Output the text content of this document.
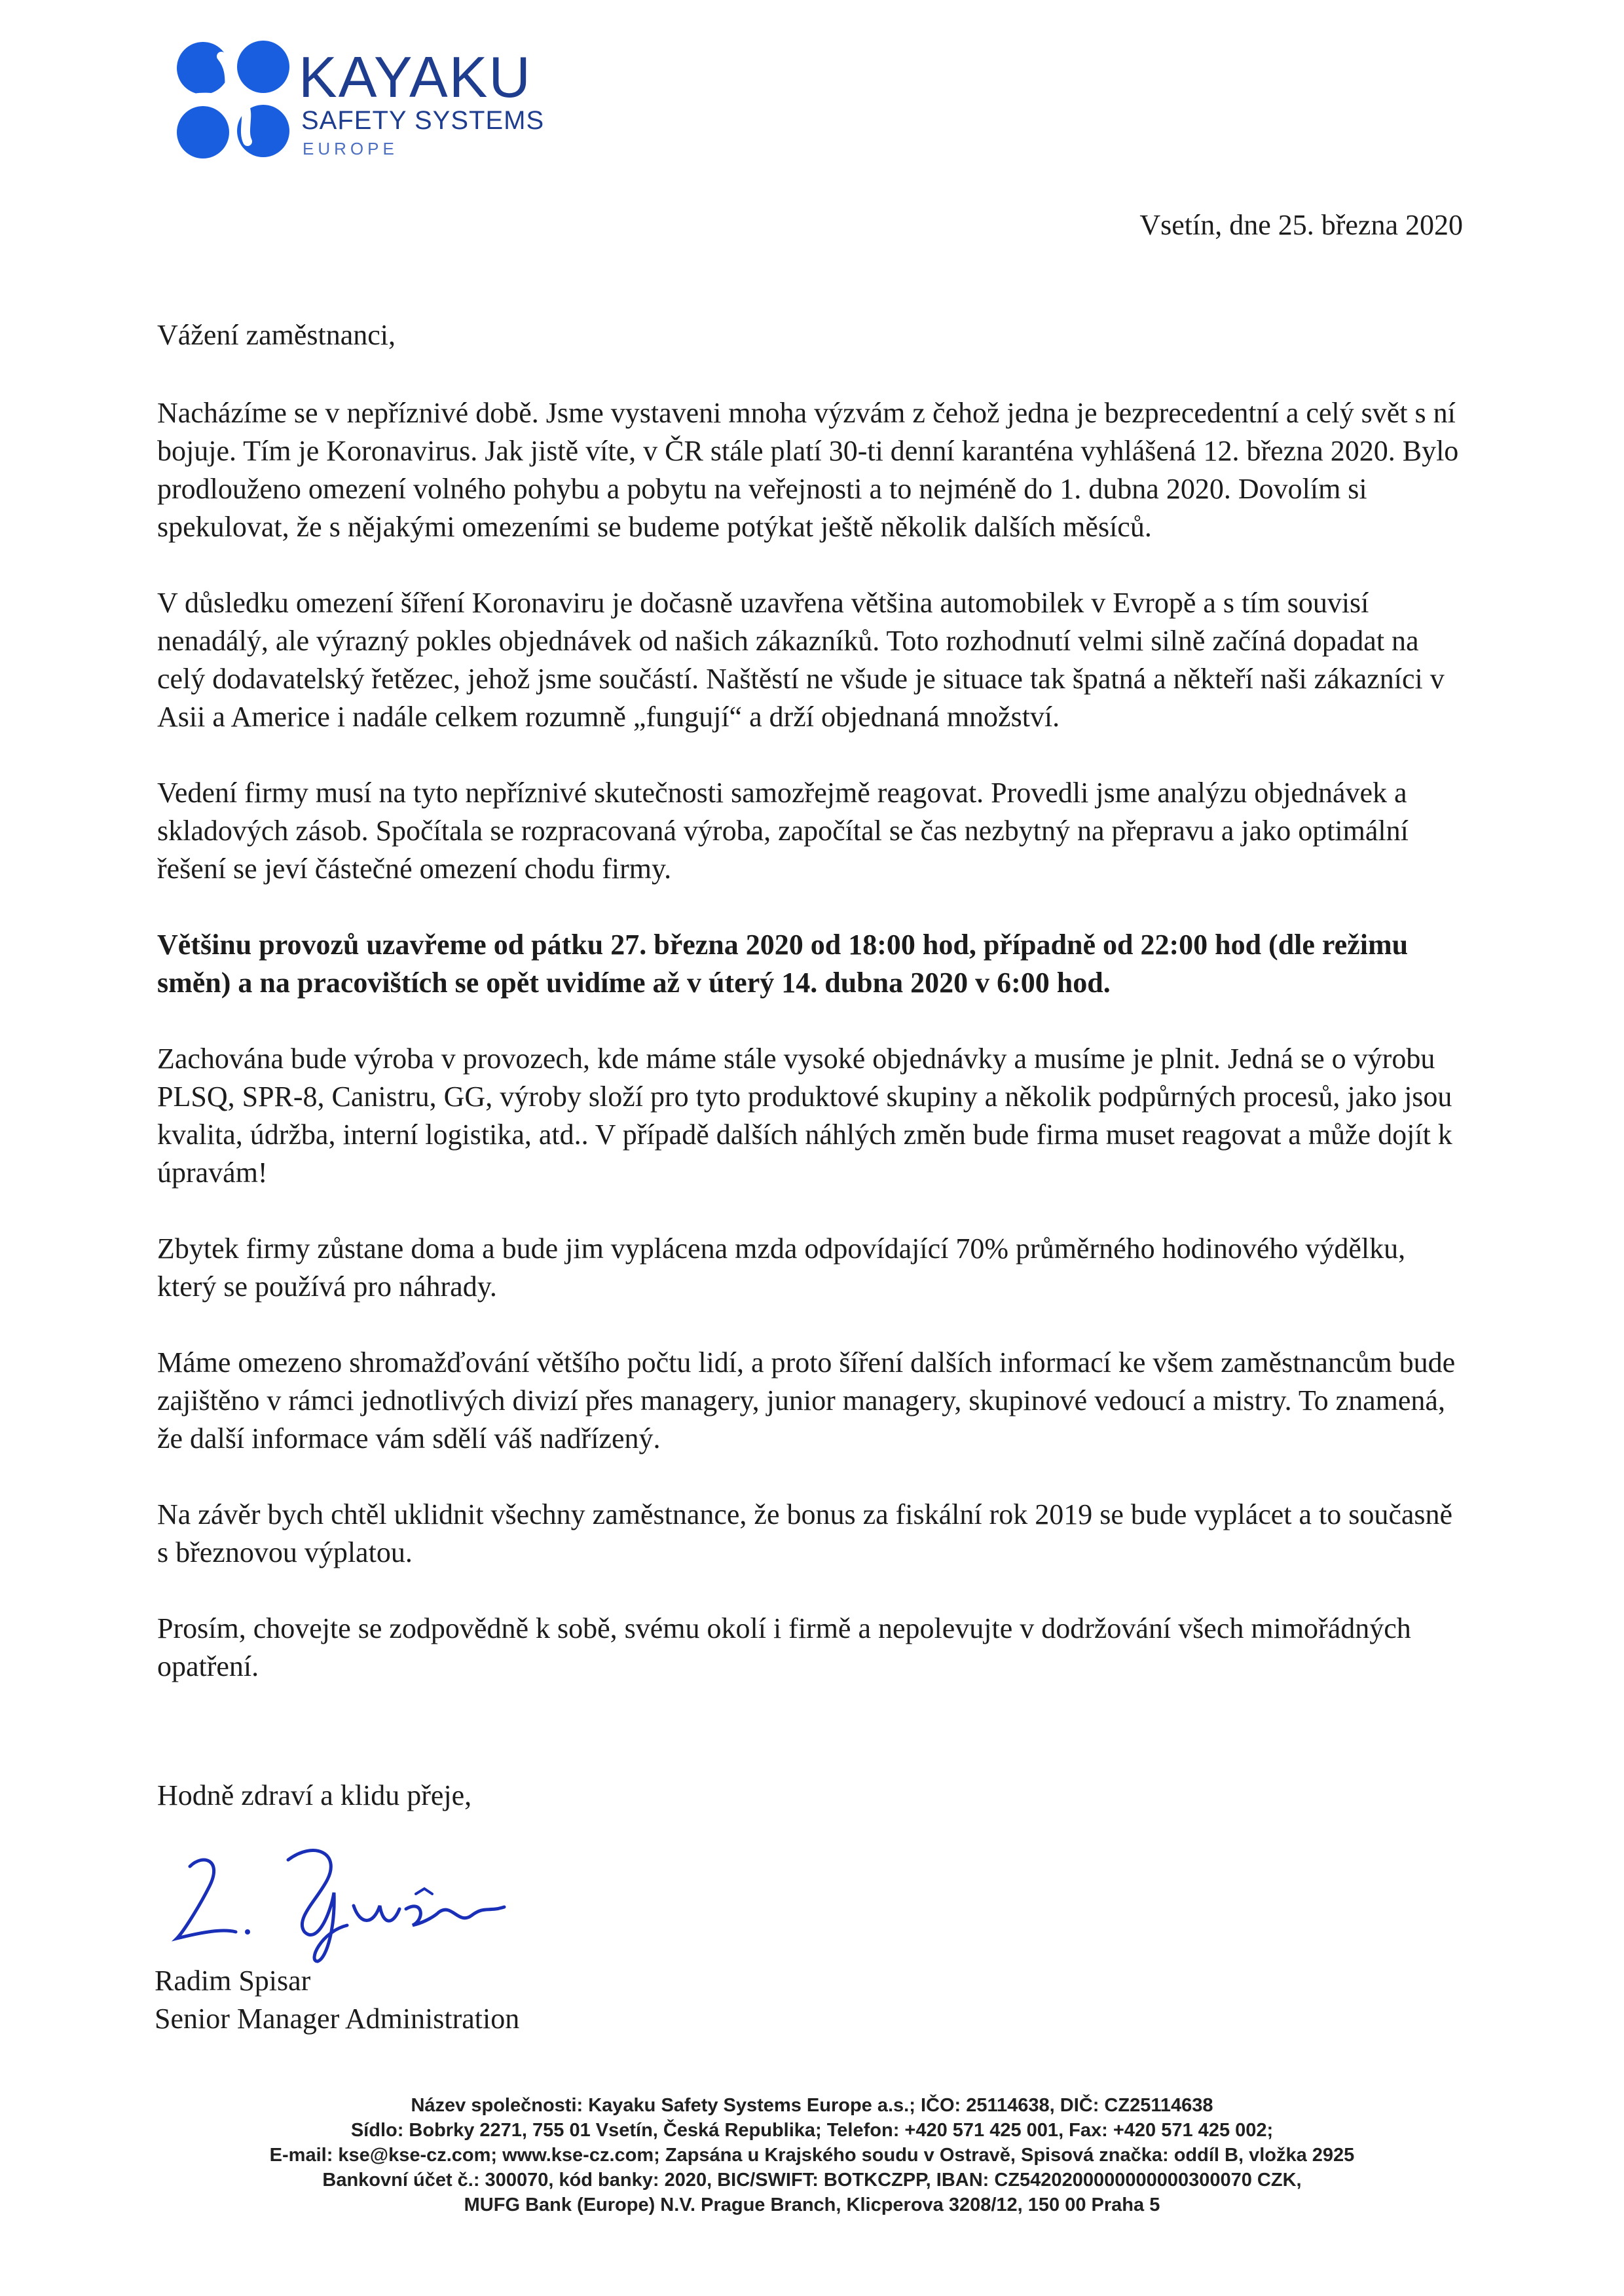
KAYAKU
SAFETY SYSTEMS
EUROPE
Vsetín, dne 25. března 2020
Vážení zaměstnanci,

Nacházíme se v nepříznivé době. Jsme vystaveni mnoha výzvám z čehož jedna je bezprecedentní a celý svět s ní bojuje. Tím je Koronavirus. Jak jistě víte, v ČR stále platí 30-ti denní karanténa vyhlášená 12. března 2020. Bylo prodlouženo omezení volného pohybu a pobytu na veřejnosti a to nejméně do 1. dubna 2020. Dovolím si spekulovat, že s nějakými omezeními se budeme potýkat ještě několik dalších měsíců.

V důsledku omezení šíření Koronaviru je dočasně uzavřena většina automobilek v Evropě a s tím souvisí nenadálý, ale výrazný pokles objednávek od našich zákazníků. Toto rozhodnutí velmi silně začíná dopadat na celý dodavatelský řetězec, jehož jsme součástí. Naštěstí ne všude je situace tak špatná a někteří naši zákazníci v Asii a Americe i nadále celkem rozumně „fungují“ a drží objednaná množství.

Vedení firmy musí na tyto nepříznivé skutečnosti samozřejmě reagovat. Provedli jsme analýzu objednávek a skladových zásob. Spočítala se rozpracovaná výroba, započítal se čas nezbytný na přepravu a jako optimální řešení se jeví částečné omezení chodu firmy.

Většinu provozů uzavřeme od pátku 27. března 2020 od 18:00 hod, případně od 22:00 hod (dle režimu směn) a na pracovištích se opět uvidíme až v úterý 14. dubna 2020 v 6:00 hod.

Zachována bude výroba v provozech, kde máme stále vysoké objednávky a musíme je plnit. Jedná se o výrobu PLSQ, SPR-8, Canistru, GG, výroby složí pro tyto produktové skupiny a několik podpůrných procesů, jako jsou kvalita, údržba, interní logistika, atd.. V případě dalších náhlých změn bude firma muset reagovat a může dojít k úpravám!

Zbytek firmy zůstane doma a bude jim vyplácena mzda odpovídající 70% průměrného hodinového výdělku, který se používá pro náhrady.

Máme omezeno shromažďování většího počtu lidí, a proto šíření dalších informací ke všem zaměstnancům bude zajištěno v rámci jednotlivých divizí přes managery, junior managery, skupinové vedoucí a mistry. To znamená, že další informace vám sdělí váš nadřízený.

Na závěr bych chtěl uklidnit všechny zaměstnance, že bonus za fiskální rok 2019 se bude vyplácet a to současně s březnovou výplatou.

Prosím, chovejte se zodpovědně k sobě, svému okolí i firmě a nepolevujte v dodržování všech mimořádných opatření.

Hodně zdraví a klidu přeje,
Radim Spisar
Senior Manager Administration
Název společnosti: Kayaku Safety Systems Europe a.s.; IČO: 25114638, DIČ: CZ25114638
Sídlo: Bobrky 2271, 755 01 Vsetín, Česká Republika; Telefon: +420 571 425 001, Fax: +420 571 425 002;
E-mail: kse@kse-cz.com; www.kse-cz.com; Zapsána u Krajského soudu v Ostravě, Spisová značka: oddíl B, vložka 2925
Bankovní účet č.: 300070, kód banky: 2020, BIC/SWIFT: BOTKCZPP, IBAN: CZ5420200000000000300070 CZK,
MUFG Bank (Europe) N.V. Prague Branch, Klicperova 3208/12, 150 00 Praha 5
